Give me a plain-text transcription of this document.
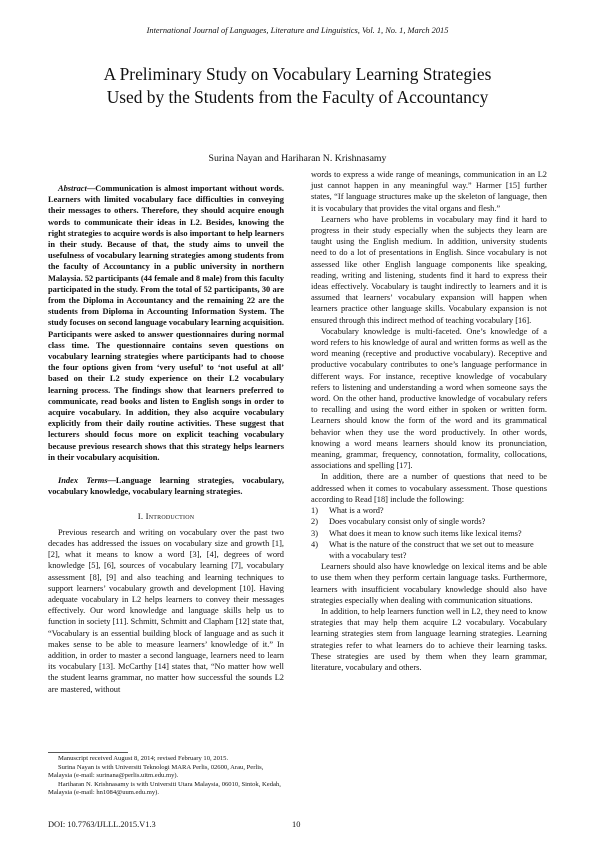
International Journal of Languages, Literature and Linguistics, Vol. 1, No. 1, March 2015
A Preliminary Study on Vocabulary Learning Strategies
Used by the Students from the Faculty of Accountancy
Surina Nayan and Hariharan N. Krishnasamy

Abstract—Communication is almost important without words. Learners with limited vocabulary face difficulties in conveying their messages to others. Therefore, they should acquire enough words to communicate their ideas in L2. Besides, knowing the right strategies to acquire words is also important to help learners in their study. Because of that, the study aims to unveil the usefulness of vocabulary learning strategies among students from the faculty of Accountancy in a public university in northern Malaysia. 52 participants (44 female and 8 male) from this faculty participated in the study. From the total of 52 participants, 30 are from the Diploma in Accountancy and the remaining 22 are the students from Diploma in Accounting Information System. The study focuses on second language vocabulary learning acquisition. Participants were asked to answer questionnaires during normal class time. The questionnaire contains seven questions on vocabulary learning strategies where participants had to choose the four options given from ‘very useful’ to ‘not useful at all’ based on their L2 study experience on their L2 vocabulary learning process. The findings show that learners preferred to communicate, read books and listen to English songs in order to acquire vocabulary. In addition, they also acquire vocabulary explicitly from their daily routine activities. These suggest that lecturers should focus more on explicit teaching vocabulary because previous research shows that this strategy helps learners in their vocabulary acquisition.

Index Terms—Language learning strategies, vocabulary, vocabulary knowledge, vocabulary learning strategies.

I. Introduction

Previous research and writing on vocabulary over the past two decades has addressed the issues on vocabulary size and growth [1], [2], what it means to know a word [3], [4], degrees of word knowledge [5], [6], sources of vocabulary learning [7], vocabulary assessment [8], [9] and also teaching and learning techniques to support learners’ vocabulary growth and development [10]. Having adequate vocabulary in L2 helps learners to convey their messages effectively. Our word knowledge and language skills help us to function in society [11]. Schmitt, Schmitt and Clapham [12] state that, “Vocabulary is an essential building block of language and as such it makes sense to be able to measure learners’ knowledge of it.” In addition, in order to master a second language, learners need to learn its vocabulary [13]. McCarthy [14] states that, “No matter how well the student learns grammar, no matter how successful the sounds L2 are mastered, without

words to express a wide range of meanings, communication in an L2 just cannot happen in any meaningful way.” Harmer [15] further states, “If language structures make up the skeleton of language, then it is vocabulary that provides the vital organs and flesh.”

Learners who have problems in vocabulary may find it hard to progress in their study especially when the subjects they learn are taught using the English medium. In addition, university students need to do a lot of presentations in English. Since vocabulary is not assessed like other English language components like speaking, reading, writing and listening, students find it hard to express their ideas effectively. Vocabulary is taught indirectly to learners and it is assumed that learners’ vocabulary expansion will happen when learners practice other language skills. Vocabulary expansion is not ensured through this indirect method of teaching vocabulary [16].

Vocabulary knowledge is multi-faceted. One’s knowledge of a word refers to his knowledge of aural and written forms as well as the word meaning (receptive and productive vocabulary). Receptive and productive vocabulary contributes to one’s language performance in different ways. For instance, receptive knowledge of vocabulary refers to listening and understanding a word when someone says the word. On the other hand, productive knowledge of vocabulary refers to recalling and using the word either in spoken or written form. Learners should know the form of the word and its grammatical behavior when they use the word productively. In other words, knowing a word means learners should know its pronunciation, meaning, grammar, frequency, connotation, formality, collocations, associations and spelling [17].

In addition, there are a number of questions that need to be addressed when it comes to vocabulary assessment. Those questions according to Read [18] include the following:

1)	What is a word?
2)	Does vocabulary consist only of single words?
3)	What does it mean to know such items like lexical items?
4)	What is the nature of the construct that we set out to measure with a vocabulary test?

Learners should also have knowledge on lexical items and be able to use them when they perform certain language tasks. Furthermore, learners with insufficient vocabulary knowledge should also have strategies especially when dealing with communication situations.

In addition, to help learners function well in L2, they need to know strategies that may help them acquire L2 vocabulary. Vocabulary learning strategies stem from language learning strategies. Learning strategies refer to what learners do to achieve their learning tasks. These strategies are used by them when they learn grammar, literature, vocabulary and others.

Manuscript received August 8, 2014; revised February 10, 2015.

Surina Nayan is with Universiti Teknologi MARA Perlis, 02600, Arau, Perlis, Malaysia (e-mail: surinana@perlis.uitm.edu.my).

Hariharan N. Krishnasamy is with Universiti Utara Malaysia, 06010, Sintok, Kedah, Malaysia (e-mail: hn1084@uum.edu.my).

DOI: 10.7763/IJLLL.2015.V1.3	10
